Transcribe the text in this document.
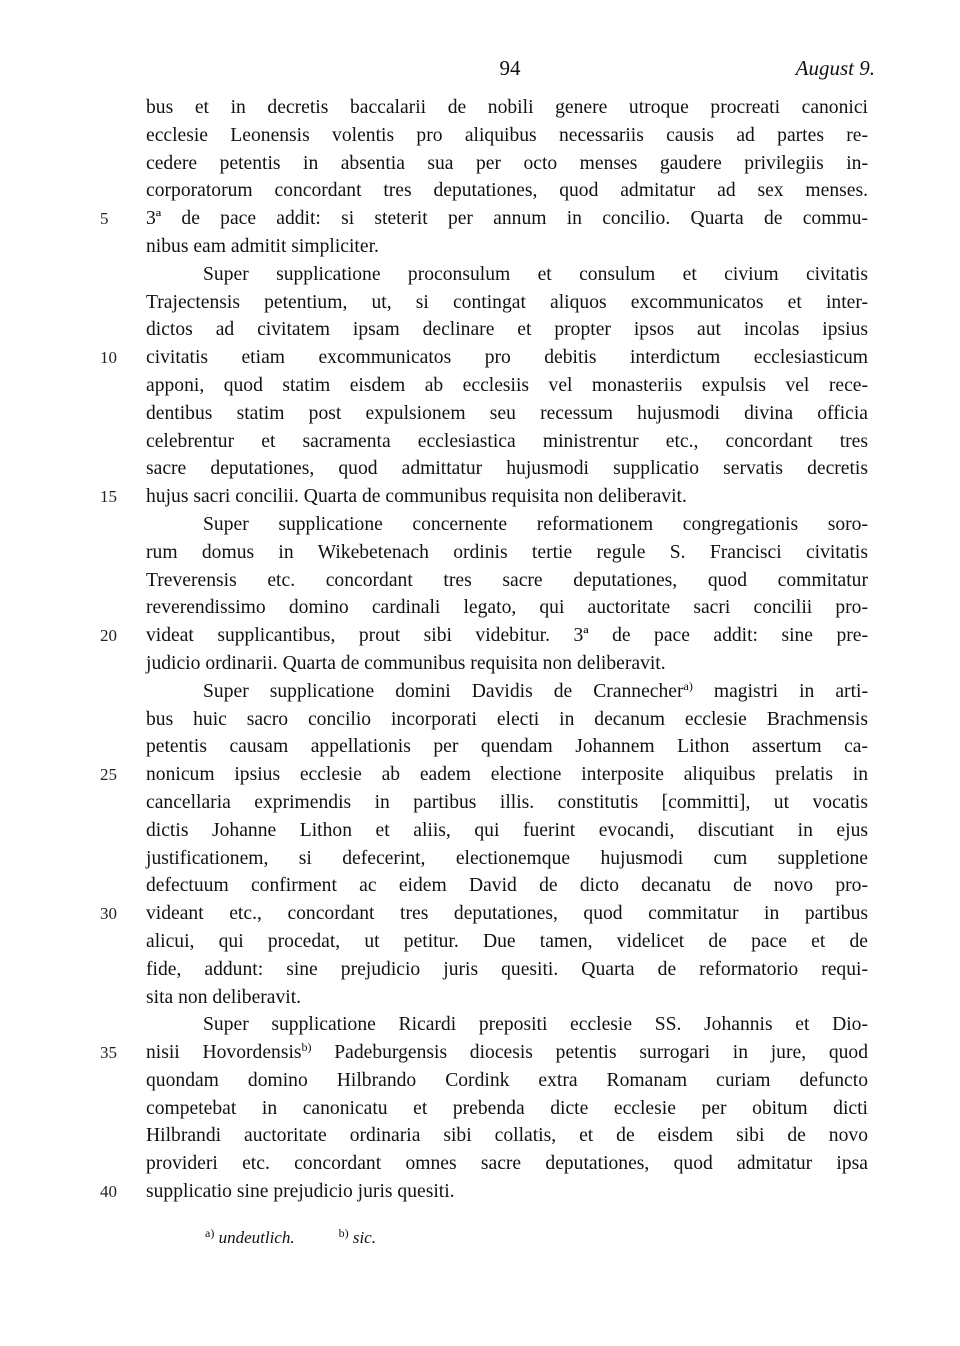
94	August 9.
bus et in decretis baccalarii de nobili genere utroque procreati canonici
ecclesie Leonensis volentis pro aliquibus necessariis causis ad partes re-
cedere petentis in absentia sua per octo menses gaudere privilegiis in-
corporatorum concordant tres deputationes, quod admitatur ad sex menses.
5	3ª de pace addit: si steterit per annum in concilio. Quarta de commu-
nibus eam admitit simpliciter.
Super supplicatione proconsulum et consulum et civium civitatis
Trajectensis petentium, ut, si contingat aliquos excommunicatos et inter-
dictos ad civitatem ipsam declinare et propter ipsos aut incolas ipsius
10	civitatis etiam excommunicatos pro debitis interdictum ecclesiasticum
apponi, quod statim eisdem ab ecclesiis vel monasteriis expulsis vel rece-
dentibus statim post expulsionem seu recessum hujusmodi divina officia
celebrentur et sacramenta ecclesiastica ministrentur etc., concordant tres
sacre deputationes, quod admittatur hujusmodi supplicatio servatis decretis
15	hujus sacri concilii. Quarta de communibus requisita non deliberavit.
Super supplicatione concernente reformationem congregationis soro-
rum domus in Wikebetenach ordinis tertie regule S. Francisci civitatis
Treverensis etc. concordant tres sacre deputationes, quod commitatur
reverendissimo domino cardinali legato, qui auctoritate sacri concilii pro-
20	videat supplicantibus, prout sibi videbitur. 3ª de pace addit: sine pre-
judicio ordinarii. Quarta de communibus requisita non deliberavit.
Super supplicatione domini Davidis de Crannecher$^{a)}$ magistri in arti-
bus huic sacro concilio incorporati electi in decanum ecclesie Brachmensis
petentis causam appellationis per quendam Johannem Lithon assertum ca-
25	nonicum ipsius ecclesie ab eadem electione interposite aliquibus prelatis in
cancellaria exprimendis in partibus illis. constitutis [committi], ut vocatis
dictis Johanne Lithon et aliis, qui fuerint evocandi, discutiant in ejus
justificationem, si defecerint, electionemque hujusmodi cum suppletione
defectuum confirment ac eidem David de dicto decanatu de novo pro-
30	videant etc., concordant tres deputationes, quod commitatur in partibus
alicui, qui procedat, ut petitur. Due tamen, videlicet de pace et de
fide, addunt: sine prejudicio juris quesiti. Quarta de reformatorio requi-
sita non deliberavit.
Super supplicatione Ricardi prepositi ecclesie SS. Johannis et Dio-
35	nisii Hovordensis$^{b)}$ Padeburgensis diocesis petentis surrogari in jure, quod
quondam domino Hilbrando Cordink extra Romanam curiam defuncto
competebat in canonicatu et prebenda dicte ecclesie per obitum dicti
Hilbrandi auctoritate ordinaria sibi collatis, et de eisdem sibi de novo
provideri etc. concordant omnes sacre deputationes, quod admitatur ipsa
40	supplicatio sine prejudicio juris quesiti.
$^{a)}$ undeutlich.	$^{b)}$ sic.
